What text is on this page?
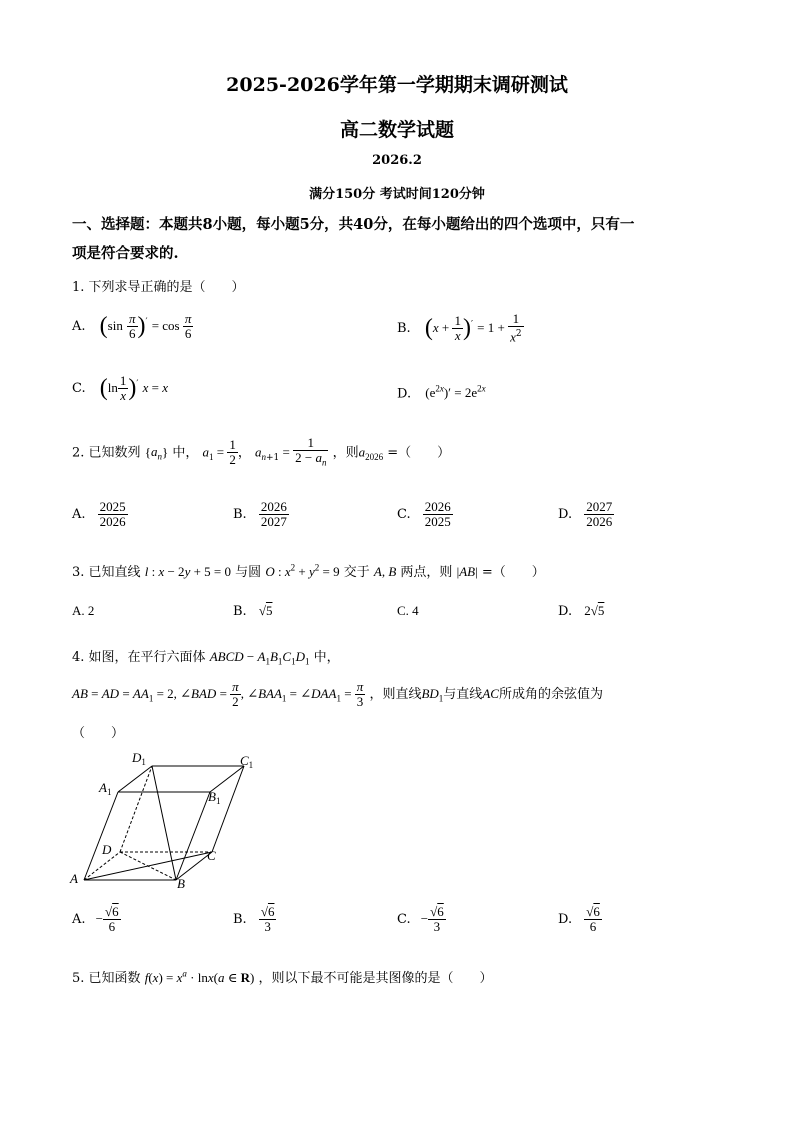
2025-2026学年第一学期期末调研测试
高二数学试题
2026.2
满分150分 考试时间120分钟
一、选择题：本题共8小题，每小题5分，共40分，在每小题给出的四个选项中，只有一
项是符合要求的.
1. 下列求导正确的是（　　）
A. $(\sin \frac{\pi}{6} )' = \cos \frac{\pi}{6}$	B. $(x + \frac{1}{x} )' = 1 + \frac{1}{x^2}$
C. $(\ln \frac{1}{x} )'$ x = x	D. $(e^{2x})' = 2e^{2x}$
2. 已知数列 $\{a_n\}$ 中， $a_1 = \frac{1}{2}$ ， $a_{n+1} = \frac{1}{2 - a_n}$ ，则$a_{2026}$ =（　　）
A. $\frac{2025}{2026}$	B. $\frac{2026}{2027}$	C. $\frac{2026}{2025}$	D. $\frac{2027}{2026}$
3. 已知直线 l : x − 2y + 5 = 0 与圆 O : $x^2 + y^2 = 9$ 交于 A, B 两点，则 |AB| =（　　）
A. 2	B. √5	C. 4	D. 2√5
4. 如图，在平行六面体 ABCD − $A_1B_1C_1D_1$ 中，
AB = AD = $AA_1 = 2$, ∠BAD = $\frac{\pi}{2}$ , $\angle BAA_1$ = $\angle DAA_1 = \frac{\pi}{3}$ ，则直线$BD_1$与直线AC所成角的余弦值为
（　　）
$D_1$	$C_1$
$A_1$	$B_1$
D	C
A	B
A. − $\frac{√6}{6}$	B. $\frac{√6}{3}$	C. − $\frac{√6}{3}$	D. $\frac{√6}{6}$
5. 已知函数 $f(x) = x^a \cdot \ln x(a$ ∈ R) ，则以下最不可能是其图像的是（　　）
